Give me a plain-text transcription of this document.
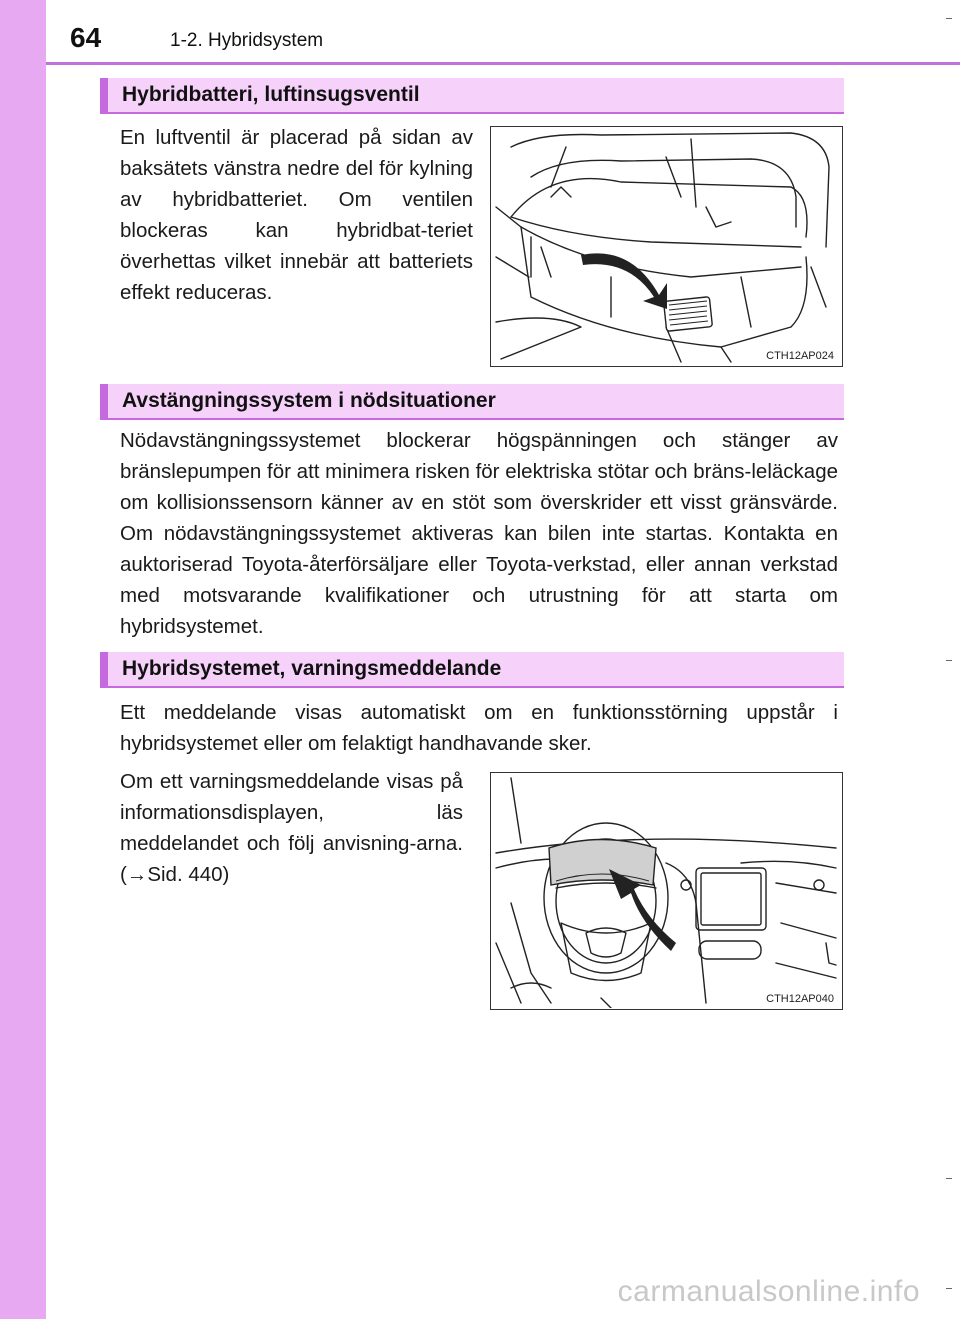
64	1-2. Hybridsystem
Hybridbatteri, luftinsugsventil
En luftventil är placerad på sidan av baksätets vänstra nedre del för kylning av hybridbatteriet. Om ventilen blockeras kan hybridbat-teriet överhettas vilket innebär att batteriets effekt reduceras.
CTH12AP024
Avstängningssystem i nödsituationer
Nödavstängningssystemet blockerar högspänningen och stänger av bränslepumpen för att minimera risken för elektriska stötar och bräns-leläckage om kollisionssensorn känner av en stöt som överskrider ett visst gränsvärde. Om nödavstängningssystemet aktiveras kan bilen inte startas. Kontakta en auktoriserad Toyota-återförsäljare eller Toyota-verkstad, eller annan verkstad med motsvarande kvalifikationer och utrustning för att starta om hybridsystemet.
Hybridsystemet, varningsmeddelande
Ett meddelande visas automatiskt om en funktionsstörning uppstår i hybridsystemet eller om felaktigt handhavande sker.
Om ett varningsmeddelande visas på informationsdisplayen, läs meddelandet och följ anvisning-arna. (→Sid. 440)
CTH12AP040
carmanualsonline.info
